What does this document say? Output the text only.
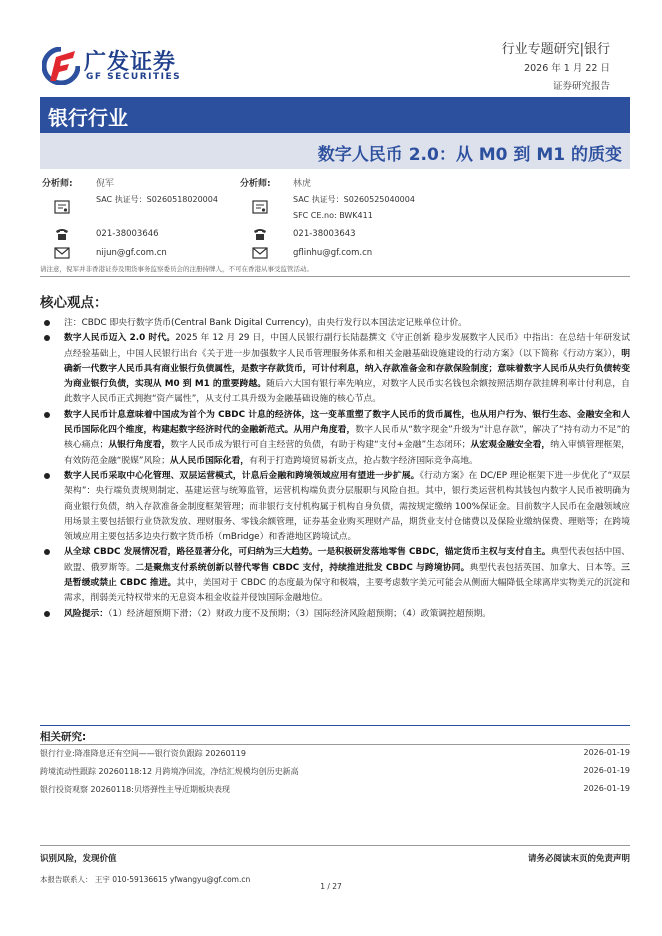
广发证券
GF SECURITIES
行业专题研究|银行
2026 年 1 月 22 日
证券研究报告
银行行业
数字人民币 2.0：从 M0 到 M1 的质变
分析师:	倪军
SAC 执证号：S0260518020004
021-38003646
nijun@gf.com.cn
分析师: 林虎
SAC 执证号：S0260525040004
SFC CE.no: BWK411
021-38003643
gflinhu@gf.com.cn
请注意，倪军并非香港证券及期货事务监察委员会的注册持牌人，不可在香港从事受监管活动。
核心观点：
注：CBDC 即央行数字货币(Central Bank Digital Currency)，由央行发行以本国法定记账单位计价。
数字人民币迈入 2.0 时代。2025 年 12 月 29 日，中国人民银行副行长陆磊撰文《守正创新 稳步发展数字人民币》中指出：在总结十年研发试点经验基础上，中国人民银行出台《关于进一步加强数字人民币管理服务体系和相关金融基础设施建设的行动方案》（以下简称《行动方案》），明确新一代数字人民币具有商业银行负债属性，是数字存款货币，可计付利息，纳入存款准备金和存款保险制度；意味着数字人民币从央行负债转变为商业银行负债，实现从 M0 到 M1 的重要跨越。随后六大国有银行率先响应，对数字人民币实名钱包余额按照活期存款挂牌利率计付利息，自此数字人民币正式拥抱“资产属性”，从支付工具升级为金融基础设施的核心节点。
数字人民币计息意味着中国成为首个为 CBDC 计息的经济体，这一变革重塑了数字人民币的货币属性，也从用户行为、银行生态、金融安全和人民币国际化四个维度，构建起数字经济时代的金融新范式。从用户角度看，数字人民币从“数字现金”升级为“计息存款”，解决了“持有动力不足”的核心痛点；从银行角度看，数字人民币成为银行可自主经营的负债，有助于构建“支付+金融”生态闭环；从宏观金融安全看，纳入审慎管理框架，有效防范金融“脱媒”风险；从人民币国际化看，有利于打造跨境贸易新支点，抢占数字经济国际竞争高地。
数字人民币采取中心化管理、双层运营模式，计息后金融和跨境领域应用有望进一步扩展。《行动方案》在 DC/EP 理论框架下进一步优化了“双层架构”：央行端负责规则制定、基建运营与统筹监管，运营机构端负责分层服职与风险自担。其中，银行类运营机构其钱包内数字人民币被明确为商业银行负债，纳入存款准备金制度框架管理；而非银行支付机构属于机构自身负债，需按规定缴纳 100%保证金。目前数字人民币在金融领域应用场景主要包括银行业贷款发放、理财服务、零钱余额管理，证券基金业购买理财产品，期货业支付仓储费以及保险业缴纳保费、理赔等；在跨境领域应用主要包括多边央行数字货币桥（mBridge）和香港地区跨境试点。
从全球 CBDC 发展情况看，路径显著分化，可归纳为三大趋势。一是积极研发落地零售 CBDC，锚定货币主权与支付自主。典型代表包括中国、欧盟、俄罗斯等。二是聚焦支付系统创新以替代零售 CBDC 支付，持续推进批发 CBDC 与跨境协同。典型代表包括英国、加拿大、日本等。三是暂缓或禁止 CBDC 推进。其中，美国对于 CBDC 的态度最为保守和极端，主要考虑数字美元可能会从侧面大幅降低全球离岸实物美元的沉淀和需求，削弱美元特权带来的无息资本租金收益并侵蚀国际金融地位。
风险提示：（1）经济超预期下滑；（2）财政力度不及预期；（3）国际经济风险超预期；（4）政策调控超预期。
相关研究:
银行行业:降准降息还有空间——银行资负跟踪 20260119	2026-01-19
跨境流动性跟踪 20260118:12 月跨境净回流，净结汇规模均创历史新高	2026-01-19
银行投资观察 20260118:贝塔弹性主导近期板块表现	2026-01-19
识别风险，发现价值	请务必阅读末页的免责声明
本报告联系人： 王宇 010-59136615 yfwangyu@gf.com.cn
1 / 27
